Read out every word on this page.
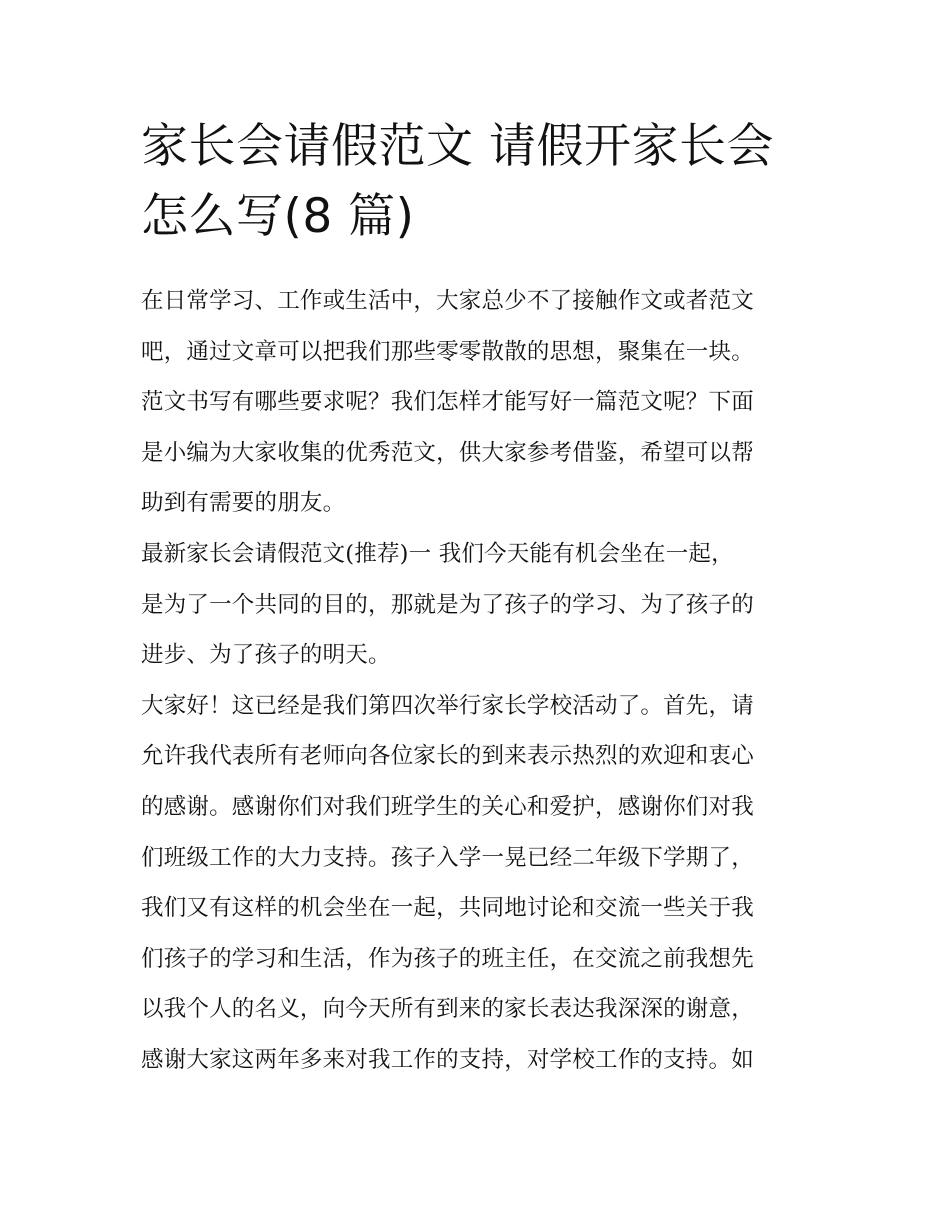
家长会请假范文 请假开家长会
怎么写(8 篇)
在日常学习、工作或生活中，大家总少不了接触作文或者范文
吧，通过文章可以把我们那些零零散散的思想，聚集在一块。
范文书写有哪些要求呢？我们怎样才能写好一篇范文呢？下面
是小编为大家收集的优秀范文，供大家参考借鉴，希望可以帮
助到有需要的朋友。
最新家长会请假范文(推荐)一 我们今天能有机会坐在一起，
是为了一个共同的目的，那就是为了孩子的学习、为了孩子的
进步、为了孩子的明天。
大家好！这已经是我们第四次举行家长学校活动了。首先，请
允许我代表所有老师向各位家长的到来表示热烈的欢迎和衷心
的感谢。感谢你们对我们班学生的关心和爱护，感谢你们对我
们班级工作的大力支持。孩子入学一晃已经二年级下学期了，
我们又有这样的机会坐在一起，共同地讨论和交流一些关于我
们孩子的学习和生活，作为孩子的班主任，在交流之前我想先
以我个人的名义，向今天所有到来的家长表达我深深的谢意，
感谢大家这两年多来对我工作的支持，对学校工作的支持。如
